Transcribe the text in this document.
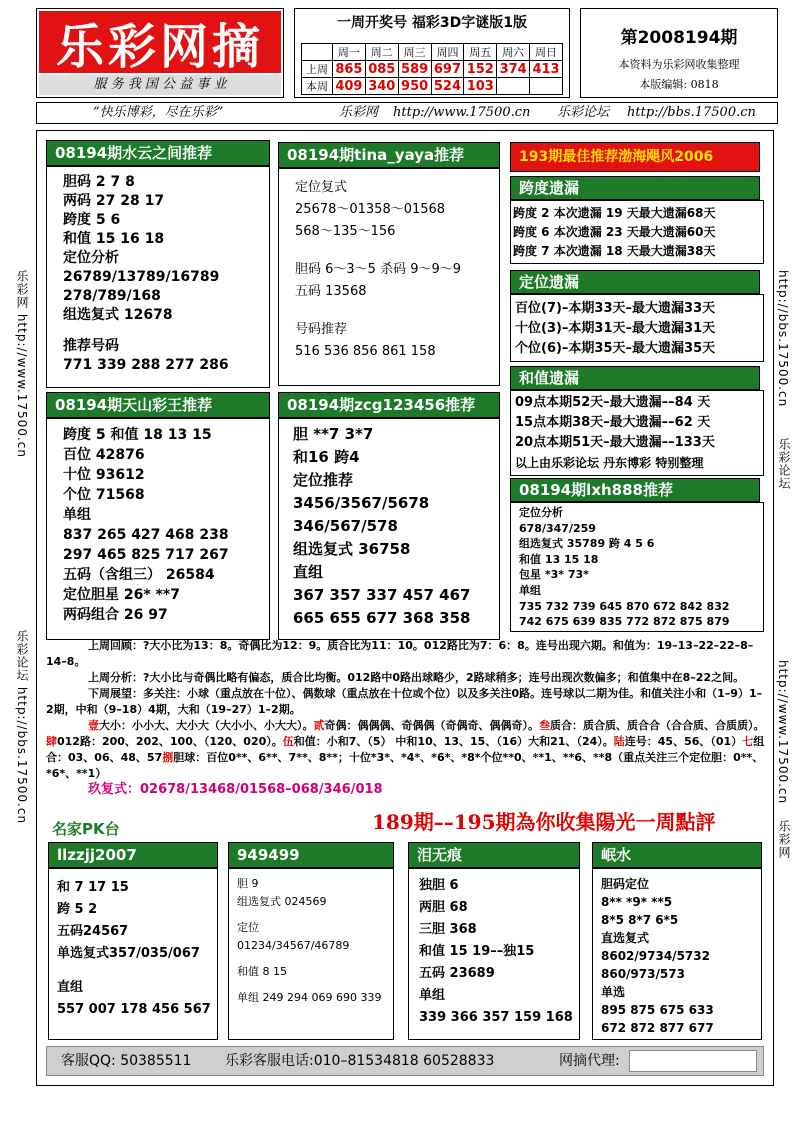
乐彩网摘
服 务 我 国 公 益 事 业
一周开奖号 福彩3D字谜版1版
	周一	周二	周三	周四	周五	周六	周日
上周	865	085	589	697	152	374	413
本周	409	340	950	524	103		
第2008194期
本资料为乐彩网收集整理
本版编辑: 0818
“快乐博彩，尽在乐彩”	乐彩网 http://www.17500.cn 乐彩论坛 http://bbs.17500.cn
乐彩网 http://www.17500.cn
乐彩论坛 http://bbs.17500.cn
http://bbs.17500.cn
乐彩论坛
http://www.17500.cn
乐彩网
08194期水云之间推荐
胆码 2 7 8
两码 27 28 17
跨度 5 6
和值 15 16 18
定位分析
26789/13789/16789
278/789/168
组选复式 12678
推荐号码
771 339 288 277 286
08194期天山彩王推荐
跨度 5 和值 18 13 15
百位 42876
十位 93612
个位 71568
单组
837 265 427 468 238
297 465 825 717 267
五码（含组三） 26584
定位胆星 26* **7
两码组合 26 97
08194期tina_yaya推荐
定位复式
25678～01358～01568
568～135～156
胆码 6～3～5 杀码 9～9～9
五码 13568
号码推荐
516 536 856 861 158
08194期zcg123456推荐
胆 **7 3*7
和16 跨4
定位推荐
3456/3567/5678
346/567/578
组选复式 36758
直组
367 357 337 457 467
665 655 677 368 358
193期最佳推荐渤海飓风2006
跨度遗漏
跨度 2 本次遗漏 19 天最大遗漏68天
跨度 6 本次遗漏 23 天最大遗漏60天
跨度 7 本次遗漏 18 天最大遗漏38天
定位遗漏
百位(7)–本期33天–最大遗漏33天
十位(3)–本期31天–最大遗漏31天
个位(6)–本期35天–最大遗漏35天
和值遗漏
09点本期52天–最大遗漏––84 天
15点本期38天–最大遗漏––62 天
20点本期51天–最大遗漏––133天
以上由乐彩论坛 丹东博彩 特别整理
08194期lxh888推荐
定位分析
678/347/259
组选复式 35789 跨 4 5 6
和值 13 15 18
包星 *3* 73*
单组
735 732 739 645 870 672 842 832
742 675 639 835 772 872 875 879
上周回顾：?大小比为13：8。奇偶比为12：9。质合比为11：10。012路比为7：6：8。连号出现六期。和值为：19–13–22–22–8–14–8。
上周分析：?大小比与奇偶比略有偏态，质合比均衡。012路中0路出球略少，2路球稍多；连号出现次数偏多；和值集中在8–22之间。
下周展望：多关注：小球（重点放在十位）、偶数球（重点放在十位或个位）以及多关注0路。连号球以二期为佳。和值关注小和（1–9）1–2期，中和（9–18）4期，大和（19–27）1–2期。
壹大小：小小大、大小大（大小小、小大大）。贰奇偶：偶偶偶、奇偶偶（奇偶奇、偶偶奇）。叁质合：质合质、质合合（合合质、合质质）。肆012路：200、202、100、（120、020）。伍和值：小和7、（5） 中和10、13、15、（16）大和21、（24）。陆连号：45、56、（01）七组合：03、06、48、57捌胆球：百位0**、6**、7**、8**；十位*3*、*4*、*6*、*8*个位**0、**1、**6、**8（重点关注三个定位胆：0**、*6*、**1）
玖复式：02678/13468/01568–068/346/018
名家PK台	189期––195期為你收集陽光一周點評
llzzjj2007
和 7 17 15
跨 5 2
五码24567
单选复式357/035/067
直组
557 007 178 456 567
949499
胆 9
组选复式 024569
定位
01234/34567/46789
和值 8 15
单组 249 294 069 690 339
泪无痕
独胆 6
两胆 68
三胆 368
和值 15 19––独15
五码 23689
单组
339 366 357 159 168
岷水
胆码定位
8** *9* **5
8*5 8*7 6*5
直选复式
8602/9734/5732
860/973/573
单选
895 875 675 633
672 872 877 677
客服QQ: 50385511 乐彩客服电话:010–81534818 60528833	网摘代理:
